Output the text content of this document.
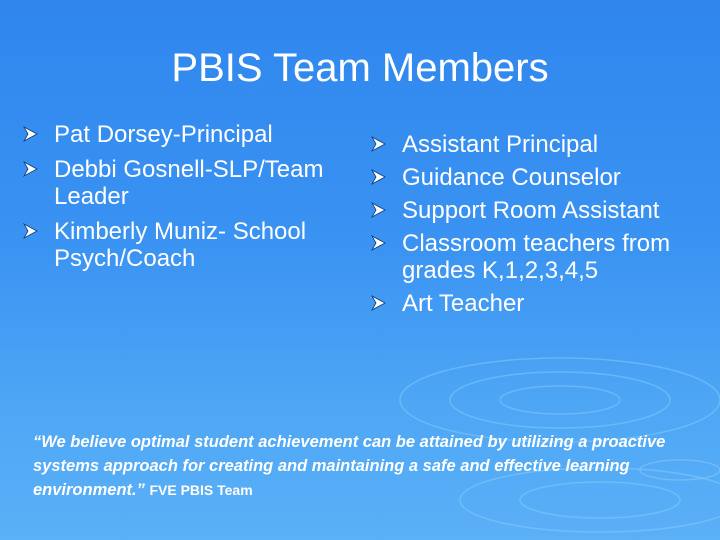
PBIS Team Members
Pat Dorsey-Principal
Debbi Gosnell-SLP/Team Leader
Kimberly Muniz- School Psych/Coach
Assistant Principal
Guidance Counselor
Support Room Assistant
Classroom teachers from grades K,1,2,3,4,5
Art Teacher

“We believe optimal student achievement can be attained by utilizing a proactive systems approach for creating and maintaining a safe and effective learning environment.” FVE PBIS Team
